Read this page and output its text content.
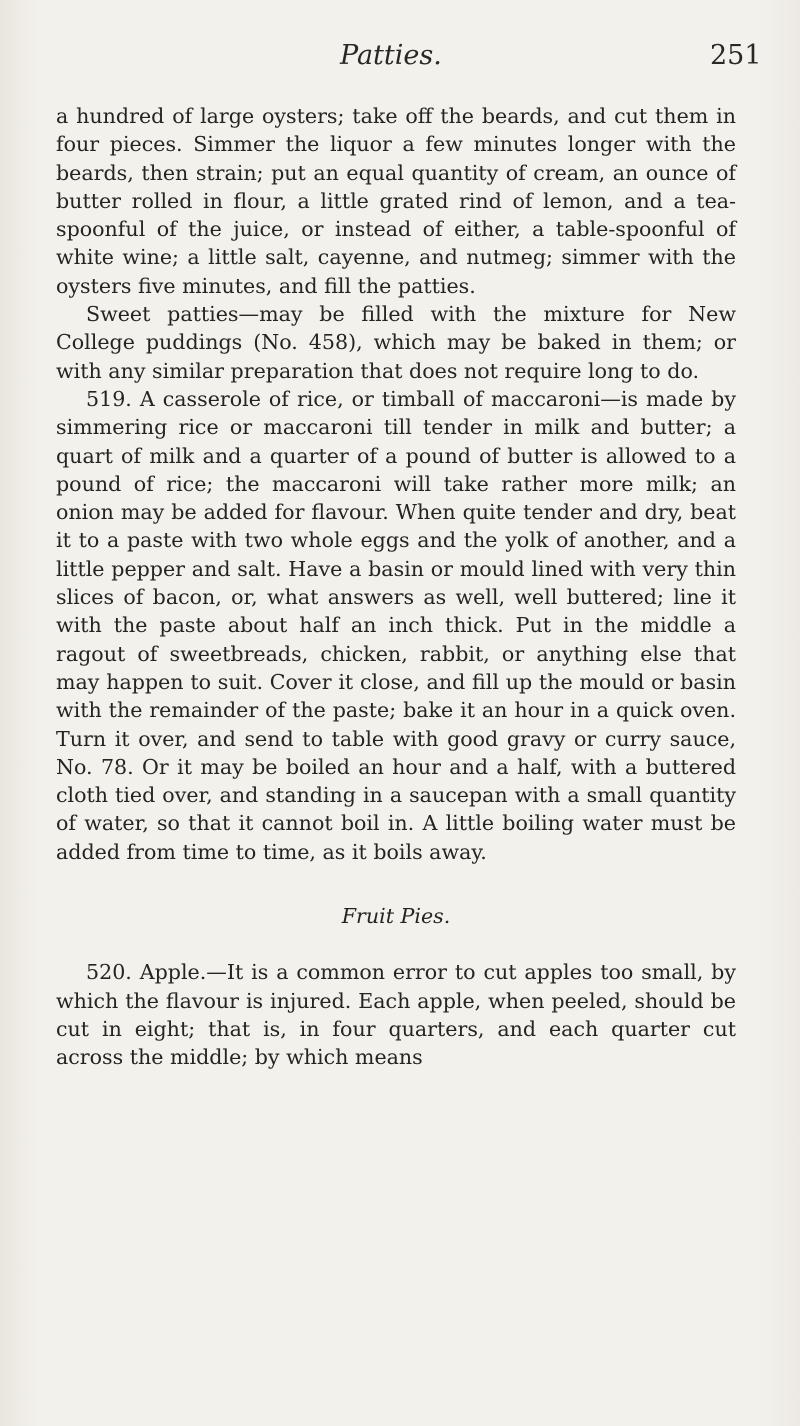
Patties.	251

a hundred of large oysters; take off the beards, and cut them in four pieces. Simmer the liquor a few minutes longer with the beards, then strain; put an equal quantity of cream, an ounce of butter rolled in flour, a little grated rind of lemon, and a tea-spoonful of the juice, or instead of either, a table-spoonful of white wine; a little salt, cayenne, and nutmeg; simmer with the oysters five minutes, and fill the patties.

Sweet patties—may be filled with the mixture for New College puddings (No. 458), which may be baked in them; or with any similar preparation that does not require long to do.

519. A casserole of rice, or timball of maccaroni—is made by simmering rice or maccaroni till tender in milk and butter; a quart of milk and a quarter of a pound of butter is allowed to a pound of rice; the maccaroni will take rather more milk; an onion may be added for flavour. When quite tender and dry, beat it to a paste with two whole eggs and the yolk of another, and a little pepper and salt. Have a basin or mould lined with very thin slices of bacon, or, what answers as well, well buttered; line it with the paste about half an inch thick. Put in the middle a ragout of sweetbreads, chicken, rabbit, or anything else that may happen to suit. Cover it close, and fill up the mould or basin with the remainder of the paste; bake it an hour in a quick oven. Turn it over, and send to table with good gravy or curry sauce, No. 78. Or it may be boiled an hour and a half, with a buttered cloth tied over, and standing in a saucepan with a small quantity of water, so that it cannot boil in. A little boiling water must be added from time to time, as it boils away.

Fruit Pies.

520. Apple.—It is a common error to cut apples too small, by which the flavour is injured. Each apple, when peeled, should be cut in eight; that is, in four quarters, and each quarter cut across the middle; by which means
